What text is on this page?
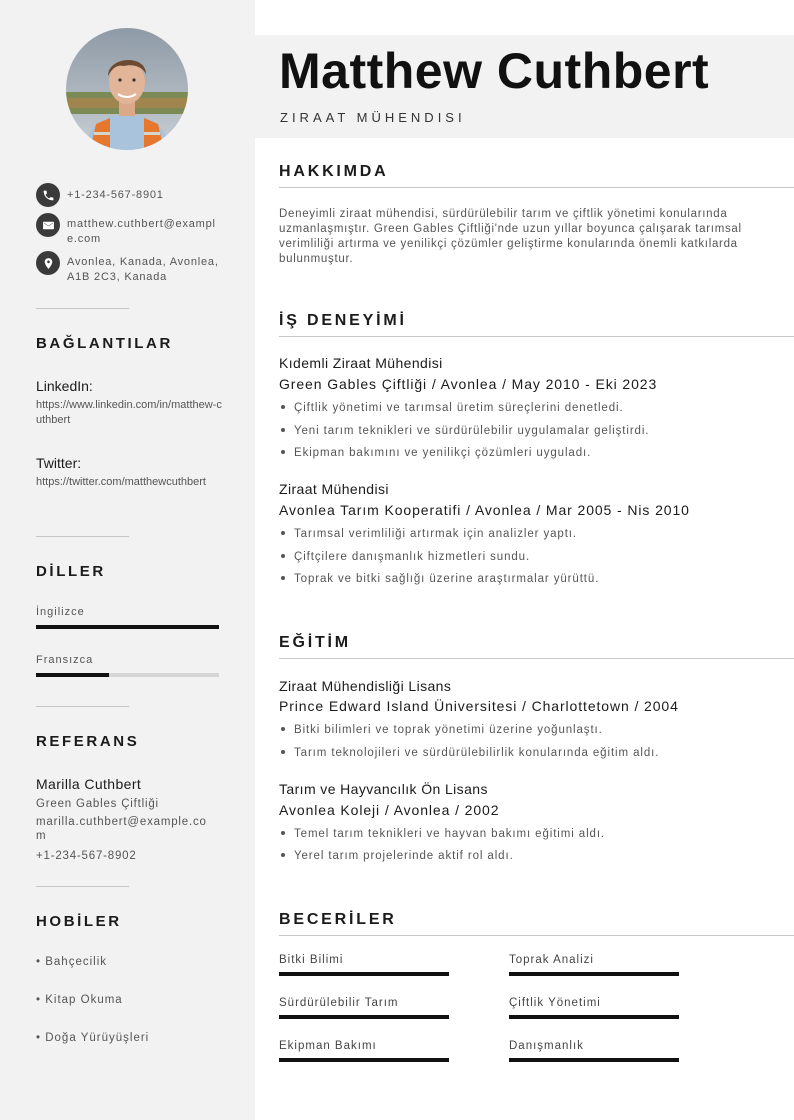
+1-234-567-8901
matthew.cuthbert@example.com
Avonlea, Kanada, Avonlea, A1B 2C3, Kanada
BAĞLANTILAR
LinkedIn:
https://www.linkedin.com/in/matthew-cuthbert
Twitter:
https://twitter.com/matthewcuthbert
DİLLER
İngilizce
Fransızca
REFERANS
Marilla Cuthbert
Green Gables Çiftliği
marilla.cuthbert@example.com
+1-234-567-8902
HOBİLER
• Bahçecilik
• Kitap Okuma
• Doğa Yürüyüşleri
Matthew Cuthbert
ZIRAAT MÜHENDISI
HAKKIMDA
Deneyimli ziraat mühendisi, sürdürülebilir tarım ve çiftlik yönetimi konularında uzmanlaşmıştır. Green Gables Çiftliği'nde uzun yıllar boyunca çalışarak tarımsal verimliliği artırma ve yenilikçi çözümler geliştirme konularında önemli katkılarda bulunmuştur.
İŞ DENEYİMİ
Kıdemli Ziraat Mühendisi
Green Gables Çiftliği / Avonlea / May 2010 - Eki 2023
Çiftlik yönetimi ve tarımsal üretim süreçlerini denetledi.
Yeni tarım teknikleri ve sürdürülebilir uygulamalar geliştirdi.
Ekipman bakımını ve yenilikçi çözümleri uyguladı.
Ziraat Mühendisi
Avonlea Tarım Kooperatifi / Avonlea / Mar 2005 - Nis 2010
Tarımsal verimliliği artırmak için analizler yaptı.
Çiftçilere danışmanlık hizmetleri sundu.
Toprak ve bitki sağlığı üzerine araştırmalar yürüttü.
EĞİTİM
Ziraat Mühendisliği Lisans
Prince Edward Island Üniversitesi / Charlottetown / 2004
Bitki bilimleri ve toprak yönetimi üzerine yoğunlaştı.
Tarım teknolojileri ve sürdürülebilirlik konularında eğitim aldı.
Tarım ve Hayvancılık Ön Lisans
Avonlea Koleji / Avonlea / 2002
Temel tarım teknikleri ve hayvan bakımı eğitimi aldı.
Yerel tarım projelerinde aktif rol aldı.
BECERİLER
Bitki Bilimi	Toprak Analizi
Sürdürülebilir Tarım	Çiftlik Yönetimi
Ekipman Bakımı	Danışmanlık
